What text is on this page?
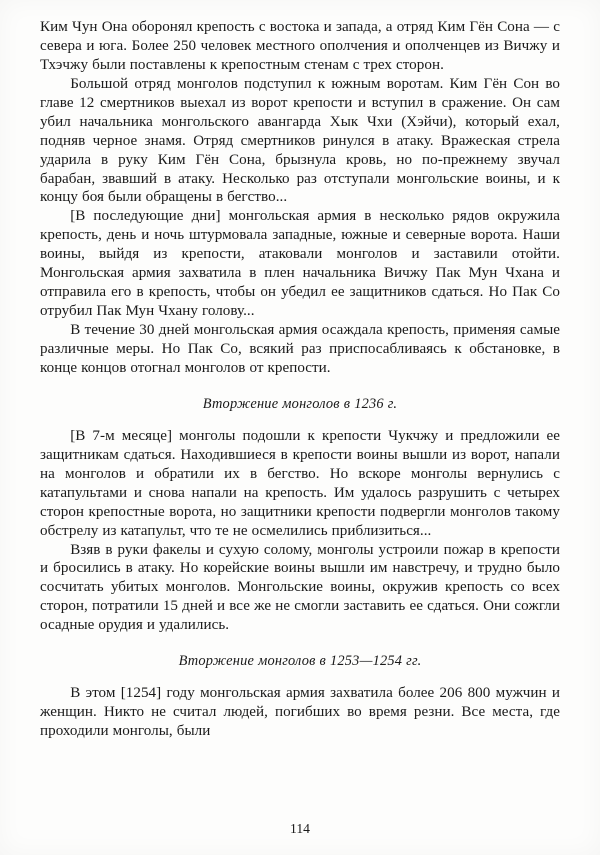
Ким Чун Она оборонял крепость с востока и запада, а отряд Ким Гён Сона — с севера и юга. Более 250 человек местного ополчения и ополченцев из Вичжу и Тхэчжу были поставлены к крепостным стенам с трех сторон.

Большой отряд монголов подступил к южным воротам. Ким Гён Сон во главе 12 смертников выехал из ворот крепости и вступил в сражение. Он сам убил начальника монгольского авангарда Хык Чхи (Хэйчи), который ехал, подняв черное знамя. Отряд смертников ринулся в атаку. Вражеская стрела ударила в руку Ким Гён Сона, брызнула кровь, но по-прежнему звучал барабан, звавший в атаку. Несколько раз отступали монгольские воины, и к концу боя были обращены в бегство...

[В последующие дни] монгольская армия в несколько рядов окружила крепость, день и ночь штурмовала западные, южные и северные ворота. Наши воины, выйдя из крепости, атаковали монголов и заставили отойти. Монгольская армия захватила в плен начальника Вичжу Пак Мун Чхана и отправила его в крепость, чтобы он убедил ее защитников сдаться. Но Пак Со отрубил Пак Мун Чхану голову...

В течение 30 дней монгольская армия осаждала крепость, применяя самые различные меры. Но Пак Со, всякий раз приспосабливаясь к обстановке, в конце концов отогнал монголов от крепости.

Вторжение монголов в 1236 г.

[В 7-м месяце] монголы подошли к крепости Чукчжу и предложили ее защитникам сдаться. Находившиеся в крепости воины вышли из ворот, напали на монголов и обратили их в бегство. Но вскоре монголы вернулись с катапультами и снова напали на крепость. Им удалось разрушить с четырех сторон крепостные ворота, но защитники крепости подвергли монголов такому обстрелу из катапульт, что те не осмелились приблизиться...

Взяв в руки факелы и сухую солому, монголы устроили пожар в крепости и бросились в атаку. Но корейские воины вышли им навстречу, и трудно было сосчитать убитых монголов. Монгольские воины, окружив крепость со всех сторон, потратили 15 дней и все же не смогли заставить ее сдаться. Они сожгли осадные орудия и удалились.

Вторжение монголов в 1253—1254 гг.

В этом [1254] году монгольская армия захватила более 206 800 мужчин и женщин. Никто не считал людей, погибших во время резни. Все места, где проходили монголы, были

114
